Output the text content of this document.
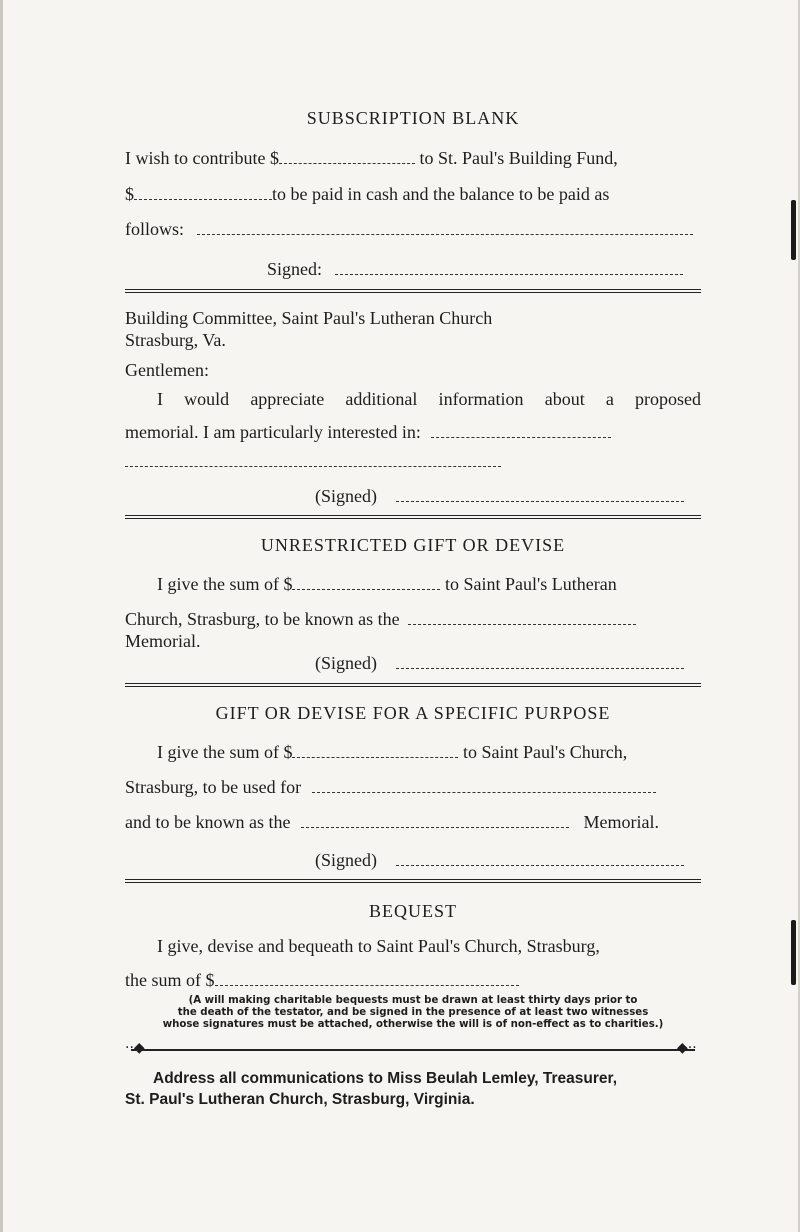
SUBSCRIPTION BLANK
I wish to contribute $	to St. Paul's Building Fund,
$	to be paid in cash and the balance to be paid as
follows:
Signed:
Building Committee, Saint Paul's Lutheran Church
Strasburg, Va.
Gentlemen:
I would appreciate additional information about a proposed
memorial. I am particularly interested in:
(Signed)
UNRESTRICTED GIFT OR DEVISE
I give the sum of $	to Saint Paul's Lutheran
Church, Strasburg, to be known as the
Memorial.
(Signed)
GIFT OR DEVISE FOR A SPECIFIC PURPOSE
I give the sum of $	to Saint Paul's Church,
Strasburg, to be used for
and to be known as the	Memorial.
(Signed)
BEQUEST
I give, devise and bequeath to Saint Paul's Church, Strasburg,
the sum of $
(A will making charitable bequests must be drawn at least thirty days prior to
the death of the testator, and be signed in the presence of at least two witnesses
whose signatures must be attached, otherwise the will is of non-effect as to charities.)
··◆	◆··
Address all communications to Miss Beulah Lemley, Treasurer,
St. Paul's Lutheran Church, Strasburg, Virginia.
